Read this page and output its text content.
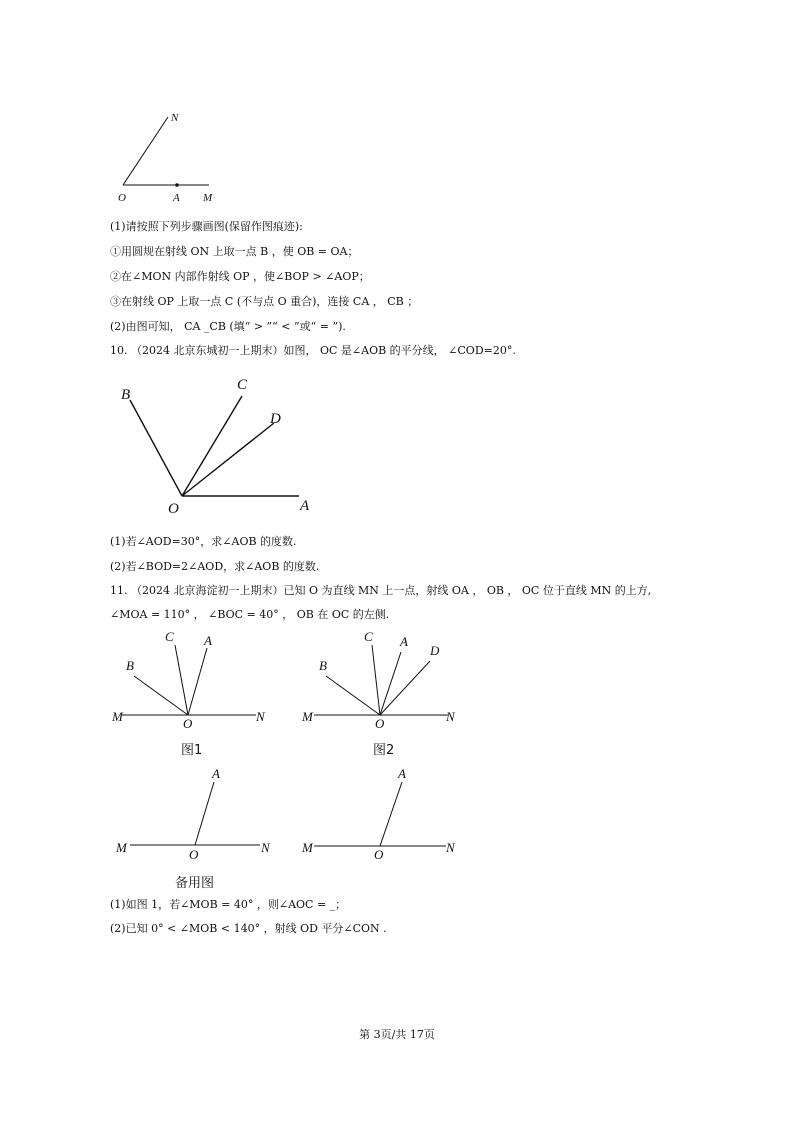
N
O	A M
(1)请按照下列步骤画图(保留作图痕迹):
①用圆规在射线 ON 上取一点 B ，使 OB = OA；
②在∠MON 内部作射线 OP ，使∠BOP > ∠AOP；
③在射线 OP 上取一点 C (不与点 O 重合)，连接 CA ， CB ；
(2)由图可知， CA _CB (填“ > ”“ < ”或“ = ”).
10. （2024 北京东城初一上期末）如图， OC 是∠AOB 的平分线， ∠COD=20°.
B
C
D
O	A
(1)若∠AOD=30°，求∠AOB 的度数.
(2)若∠BOD=2∠AOD，求∠AOB 的度数.
11. （2024 北京海淀初一上期末）已知 O 为直线 MN 上一点，射线 OA ， OB ， OC 位于直线 MN 的上方,
∠MOA = 110° ， ∠BOC = 40° ， OB 在 OC 的左侧.
M	N
O
B
C A
图1
M	N
O
B
C A
D
图2
M	N
O
A
备用图
M	N
O
A
(1)如图 1，若∠MOB = 40° ，则∠AOC = _；
(2)已知 0° < ∠MOB < 140° ，射线 OD 平分∠CON .
第 3页/共 17页
